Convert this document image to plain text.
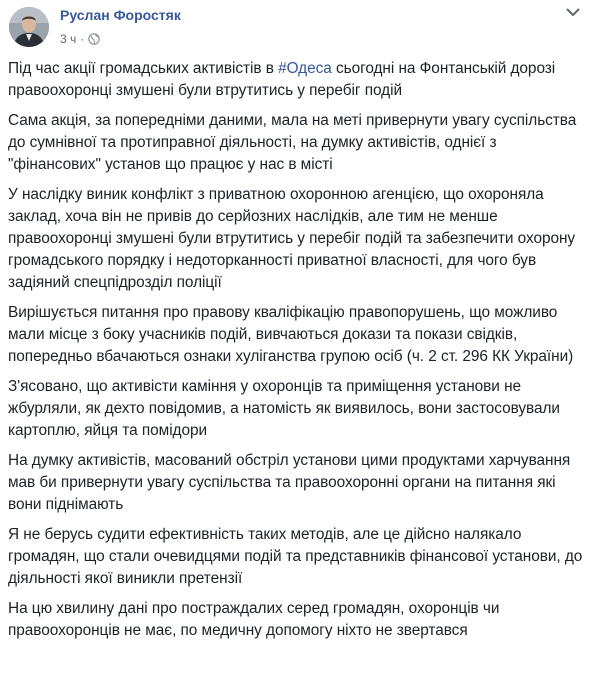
Руслан Форостяк
3 ч ·

Під час акції громадських активістів в #Одеса сьогодні на Фонтанській дорозі правоохоронці змушені були втрутитись у перебіг подій

Сама акція, за попередніми даними, мала на меті привернути увагу суспільства до сумнівної та протиправної діяльності, на думку активістів, однієї з "фінансових" установ що працює у нас в місті

У наслідку виник конфлікт з приватною охоронною агенцією, що охороняла заклад, хоча він не привів до серйозних наслідків, але тим не менше правоохоронці змушені були втрутитись у перебіг подій та забезпечити охорону громадського порядку і недоторканності приватної власності, для чого був задіяний спецпідрозділ поліції

Вирішується питання про правову кваліфікацію правопорушень, що можливо мали місце з боку учасників подій, вивчаються докази та покази свідків, попередньо вбачаються ознаки хуліганства групою осіб (ч. 2 ст. 296 КК України)

З'ясовано, що активісти каміння у охоронців та приміщення установи не жбурляли, як дехто повідомив, а натомість як виявилось, вони застосовували картоплю, яйця та помідори

На думку активістів, масований обстріл установи цими продуктами харчування мав би привернути увагу суспільства та правоохоронні органи на питання які вони піднімають

Я не берусь судити ефективність таких методів, але це дійсно налякало громадян, що стали очевидцями подій та представників фінансової установи, до діяльності якої виникли претензії

На цю хвилину дані про постраждалих серед громадян, охоронців чи правоохоронців не має, по медичну допомогу ніхто не звертався
